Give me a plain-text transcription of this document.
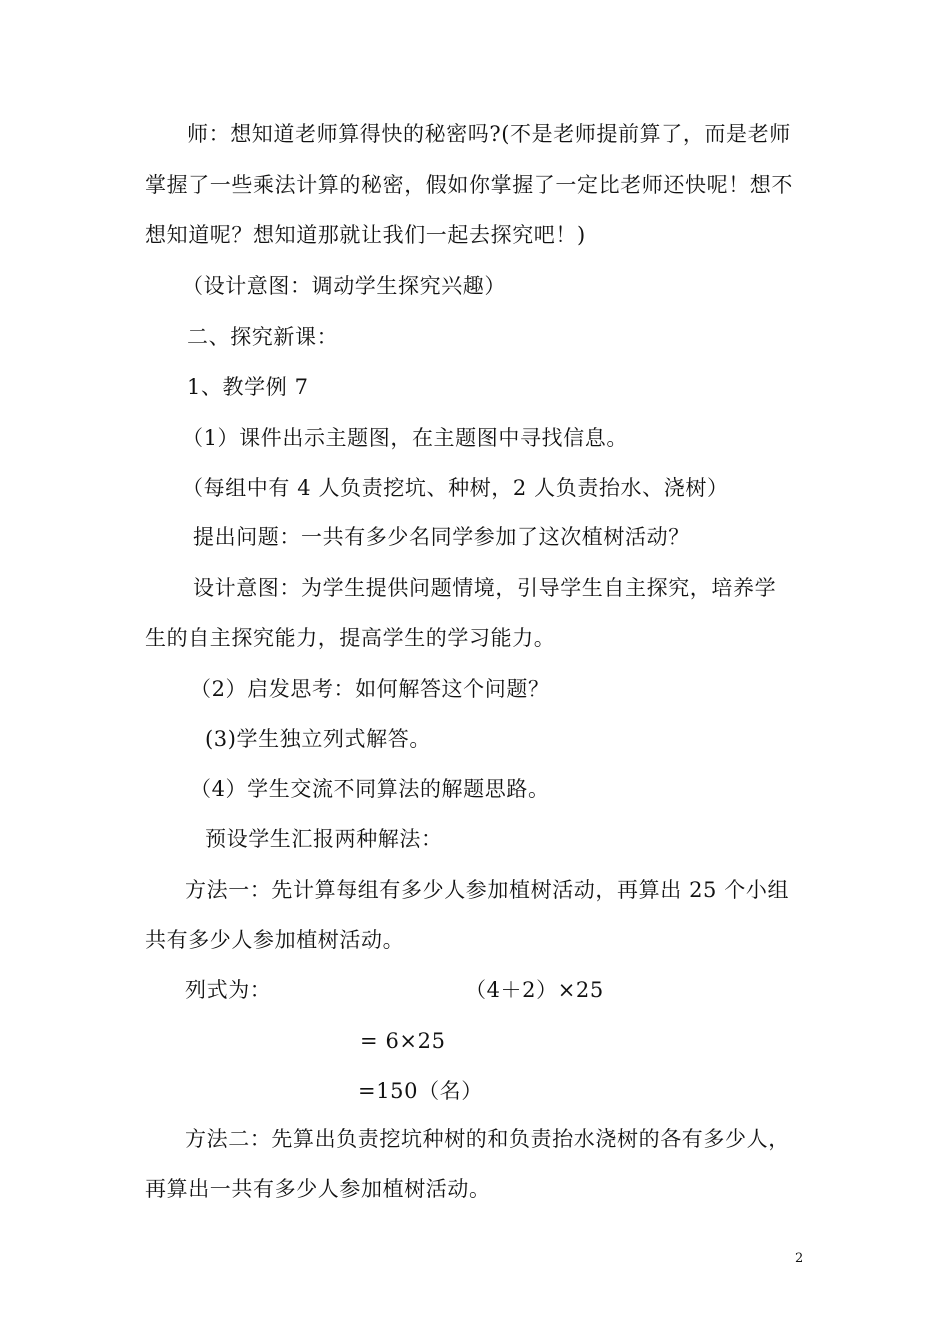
师：想知道老师算得快的秘密吗?(不是老师提前算了，而是老师
掌握了一些乘法计算的秘密，假如你掌握了一定比老师还快呢！想不
想知道呢？想知道那就让我们一起去探究吧！)
（设计意图：调动学生探究兴趣）
二、探究新课：
1、教学例 7
（1）课件出示主题图，在主题图中寻找信息。
（每组中有 4 人负责挖坑、种树，2 人负责抬水、浇树）
提出问题：一共有多少名同学参加了这次植树活动？
设计意图：为学生提供问题情境，引导学生自主探究，培养学
生的自主探究能力，提高学生的学习能力。
（2）启发思考：如何解答这个问题？
(3)学生独立列式解答。
（4）学生交流不同算法的解题思路。
预设学生汇报两种解法：
方法一：先计算每组有多少人参加植树活动，再算出 25 个小组
共有多少人参加植树活动。
列式为：	（4＋2）×25
= 6×25
=150（名）
方法二：先算出负责挖坑种树的和负责抬水浇树的各有多少人，
再算出一共有多少人参加植树活动。
2
